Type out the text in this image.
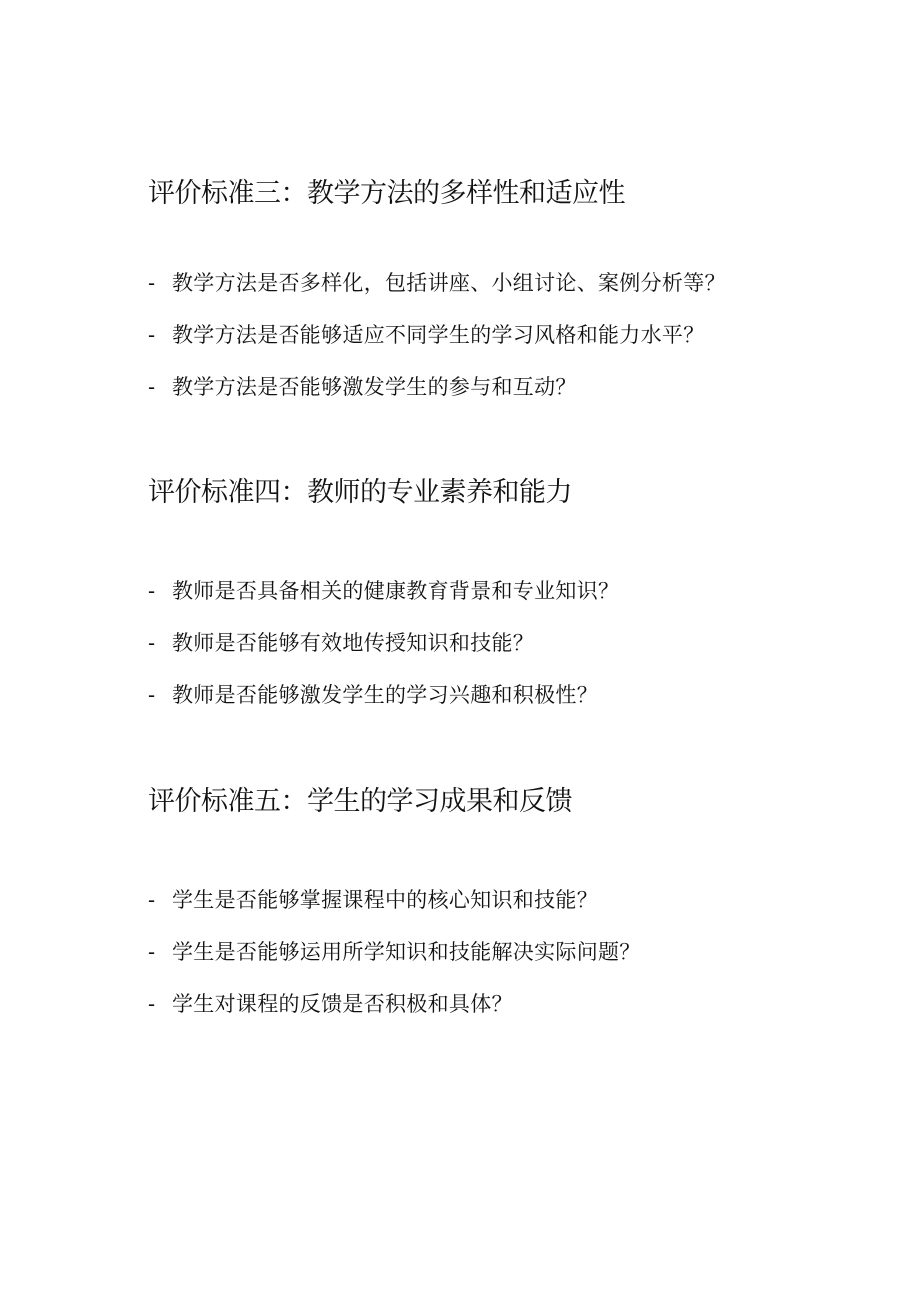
评价标准三：教学方法的多样性和适应性
- 教学方法是否多样化，包括讲座、小组讨论、案例分析等？
- 教学方法是否能够适应不同学生的学习风格和能力水平？
- 教学方法是否能够激发学生的参与和互动？
评价标准四：教师的专业素养和能力
- 教师是否具备相关的健康教育背景和专业知识？
- 教师是否能够有效地传授知识和技能？
- 教师是否能够激发学生的学习兴趣和积极性？
评价标准五：学生的学习成果和反馈
- 学生是否能够掌握课程中的核心知识和技能？
- 学生是否能够运用所学知识和技能解决实际问题？
- 学生对课程的反馈是否积极和具体？
